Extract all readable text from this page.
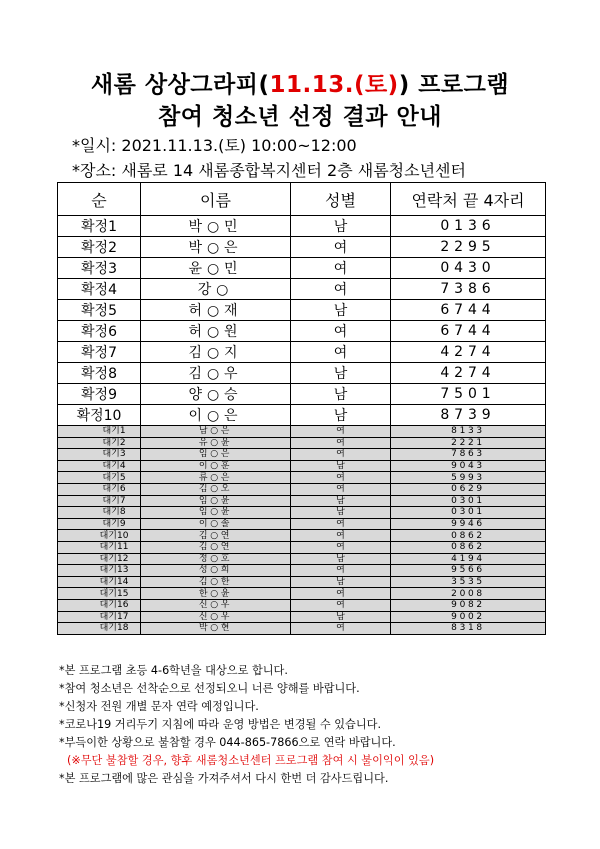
새롬 상상그라피(11.13.(토)) 프로그램
참여 청소년 선정 결과 안내
*일시: 2021.11.13.(토) 10:00~12:00
*장소: 새롬로 14 새롬종합복지센터 2층 새롬청소년센터
순	이름	성별	연락처 끝 4자리
확정1	박○민	남	0136
확정2	박○은	여	2295
확정3	윤○민	여	0430
확정4	강○	여	7386
확정5	허○재	남	6744
확정6	허○원	여	6744
확정7	김○지	여	4274
확정8	김○우	남	4274
확정9	양○승	남	7501
확정10	이○은	남	8739
대기1	남○은	여	8133
대기2	유○윤	여	2221
대기3	임○은	여	7863
대기4	이○훈	남	9043
대기5	류○은	여	5993
대기6	김○오	여	0629
대기7	임○윤	남	0301
대기8	임○윤	남	0301
대기9	이○솔	여	9946
대기10	김○연	여	0862
대기11	김○연	여	0862
대기12	정○호	남	4194
대기13	성○희	여	9566
대기14	김○한	남	3535
대기15	한○윤	여	2008
대기16	신○우	여	9082
대기17	신○우	남	9002
대기18	박○현	여	8318
*본 프로그램 초등 4-6학년을 대상으로 합니다.
*참여 청소년은 선착순으로 선정되오니 너른 양해를 바랍니다.
*신청자 전원 개별 문자 연락 예정입니다.
*코로나19 거리두기 지침에 따라 운영 방법은 변경될 수 있습니다.
*부득이한 상황으로 불참할 경우 044-865-7866으로 연락 바랍니다.
(※무단 불참할 경우, 향후 새롬청소년센터 프로그램 참여 시 불이익이 있음)
*본 프로그램에 많은 관심을 가져주셔서 다시 한번 더 감사드립니다.
